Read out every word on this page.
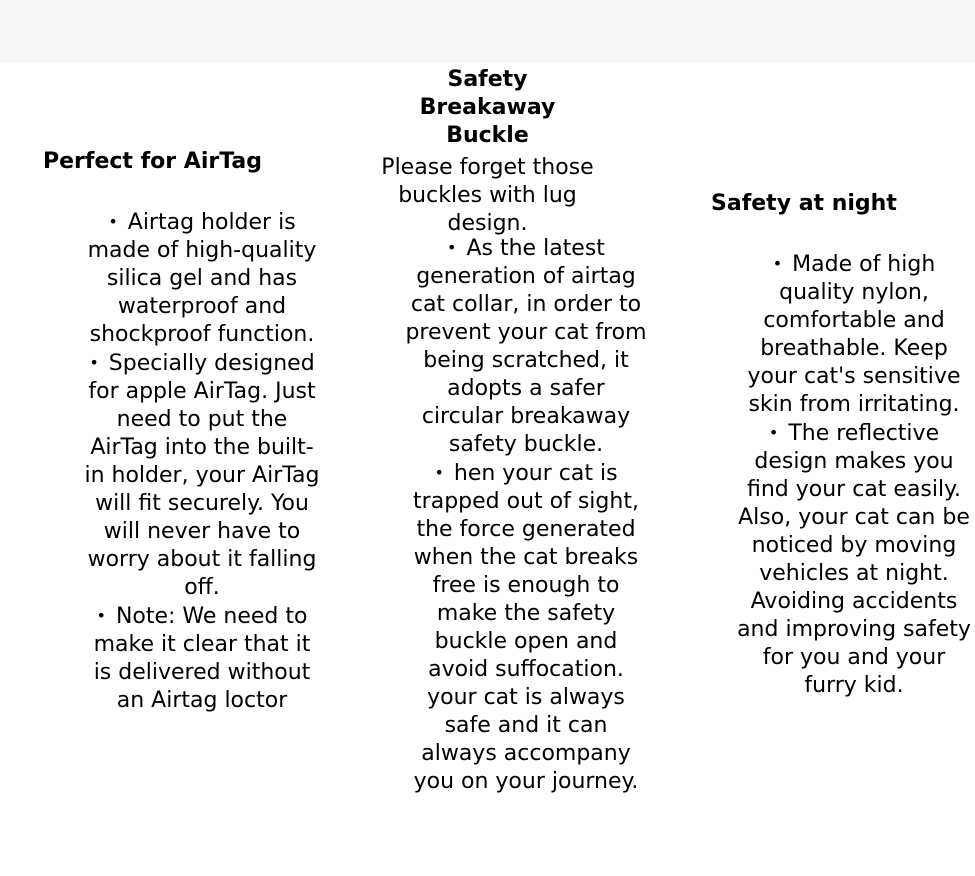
Perfect for AirTag
• Airtag holder is made of high-quality silica gel and has waterproof and shockproof function.
• Specially designed for apple AirTag. Just need to put the AirTag into the built-in holder, your AirTag will fit securely. You will never have to worry about it falling off.
• Note: We need to make it clear that it is delivered without an Airtag loctor
Safety Breakaway Buckle

Please forget those buckles with lug design.

• As the latest generation of airtag cat collar, in order to prevent your cat from being scratched, it adopts a safer circular breakaway safety buckle.
• hen your cat is trapped out of sight, the force generated when the cat breaks free is enough to make the safety buckle open and avoid suffocation. your cat is always safe and it can always accompany you on your journey.
Safety at night
• Made of high quality nylon, comfortable and breathable. Keep your cat's sensitive skin from irritating.
• The reflective design makes you find your cat easily. Also, your cat can be noticed by moving vehicles at night. Avoiding accidents and improving safety for you and your furry kid.
